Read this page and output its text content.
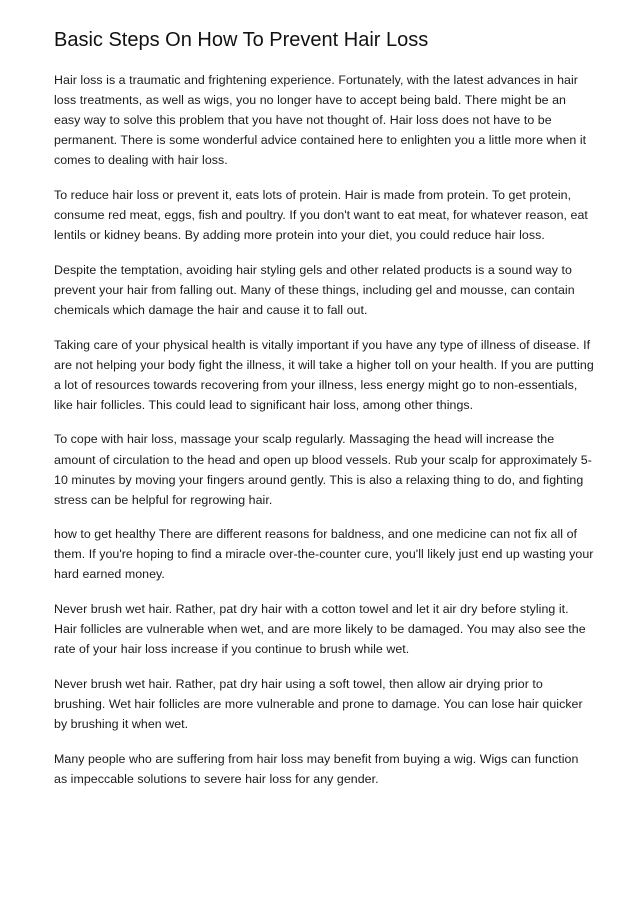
Basic Steps On How To Prevent Hair Loss

Hair loss is a traumatic and frightening experience. Fortunately, with the latest advances in hair loss treatments, as well as wigs, you no longer have to accept being bald. There might be an easy way to solve this problem that you have not thought of. Hair loss does not have to be permanent. There is some wonderful advice contained here to enlighten you a little more when it comes to dealing with hair loss.

To reduce hair loss or prevent it, eats lots of protein. Hair is made from protein. To get protein, consume red meat, eggs, fish and poultry. If you don't want to eat meat, for whatever reason, eat lentils or kidney beans. By adding more protein into your diet, you could reduce hair loss.

Despite the temptation, avoiding hair styling gels and other related products is a sound way to prevent your hair from falling out. Many of these things, including gel and mousse, can contain chemicals which damage the hair and cause it to fall out.

Taking care of your physical health is vitally important if you have any type of illness of disease. If are not helping your body fight the illness, it will take a higher toll on your health. If you are putting a lot of resources towards recovering from your illness, less energy might go to non-essentials, like hair follicles. This could lead to significant hair loss, among other things.

To cope with hair loss, massage your scalp regularly. Massaging the head will increase the amount of circulation to the head and open up blood vessels. Rub your scalp for approximately 5-10 minutes by moving your fingers around gently. This is also a relaxing thing to do, and fighting stress can be helpful for regrowing hair.

how to get healthy There are different reasons for baldness, and one medicine can not fix all of them. If you're hoping to find a miracle over-the-counter cure, you'll likely just end up wasting your hard earned money.

Never brush wet hair. Rather, pat dry hair with a cotton towel and let it air dry before styling it. Hair follicles are vulnerable when wet, and are more likely to be damaged. You may also see the rate of your hair loss increase if you continue to brush while wet.

Never brush wet hair. Rather, pat dry hair using a soft towel, then allow air drying prior to brushing. Wet hair follicles are more vulnerable and prone to damage. You can lose hair quicker by brushing it when wet.

Many people who are suffering from hair loss may benefit from buying a wig. Wigs can function as impeccable solutions to severe hair loss for any gender.
